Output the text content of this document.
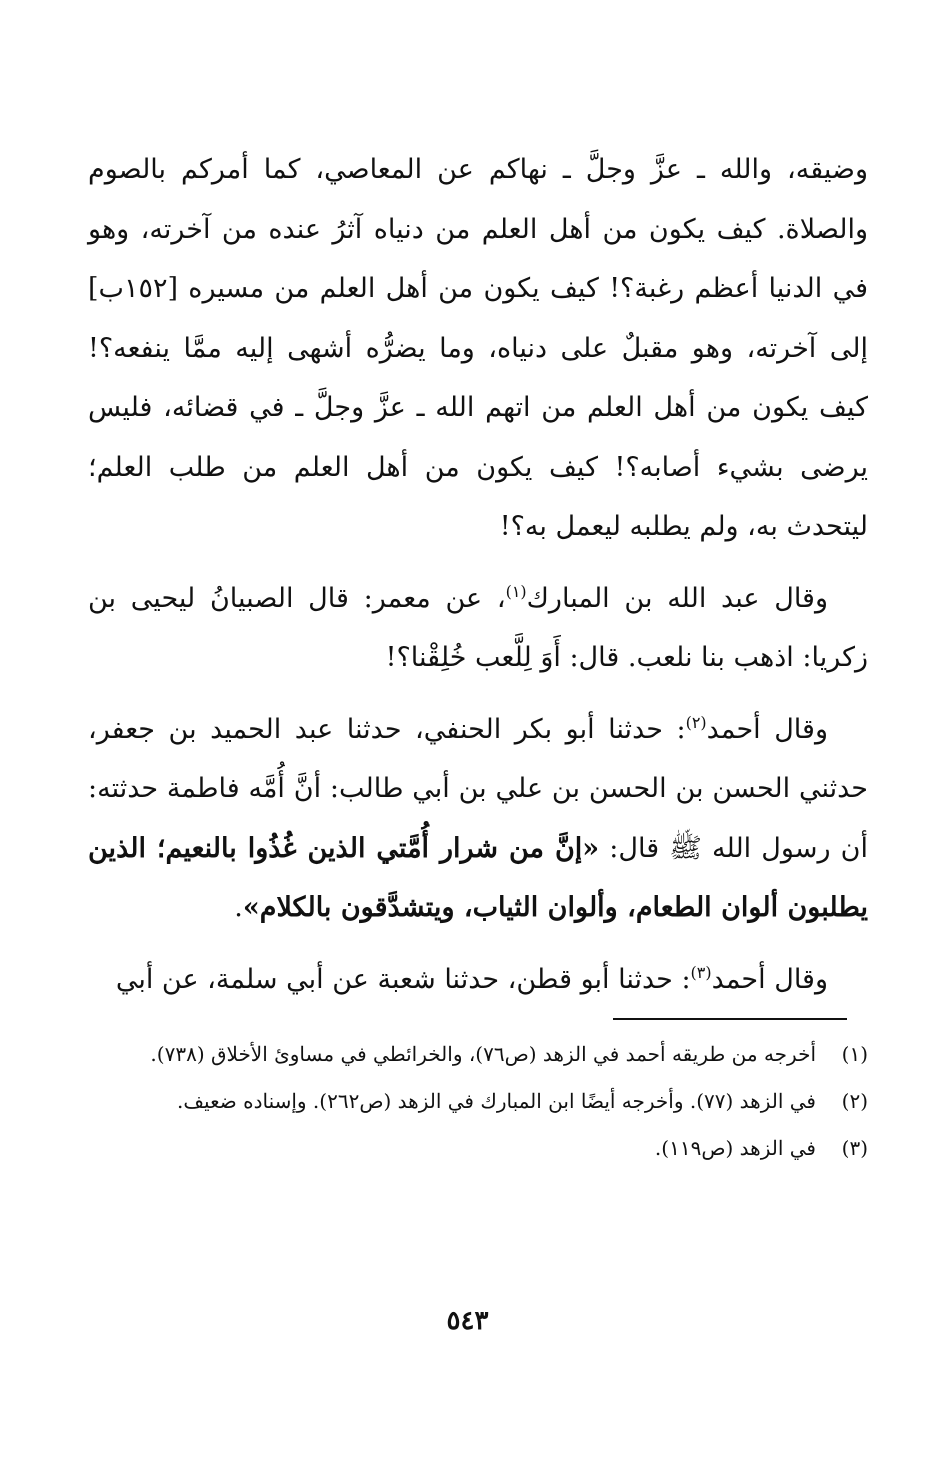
وضيقه، والله ـ عزَّ وجلَّ ـ نهاكم عن المعاصي، كما أمركم بالصوم والصلاة. كيف يكون من أهل العلم من دنياه آثرُ عنده من آخرته، وهو في الدنيا أعظم رغبة؟! كيف يكون من أهل العلم من مسيره [١٥٢ب] إلى آخرته، وهو مقبلٌ على دنياه، وما يضرُّه أشهى إليه ممَّا ينفعه؟! كيف يكون من أهل العلم من اتهم الله ـ عزَّ وجلَّ ـ في قضائه، فليس يرضى بشيء أصابه؟! كيف يكون من أهل العلم من طلب العلم؛ ليتحدث به، ولم يطلبه ليعمل به؟!

وقال عبد الله بن المبارك$^{(١)}$، عن معمر: قال الصبيانُ ليحيى بن زكريا: اذهب بنا نلعب. قال: أَوَ لِلَّعب خُلِقْنا؟!

وقال أحمد$^{(٢)}$: حدثنا أبو بكر الحنفي، حدثنا عبد الحميد بن جعفر، حدثني الحسن بن الحسن بن علي بن أبي طالب: أنَّ أُمَّه فاطمة حدثته: أن رسول الله ﷺ قال: «إنَّ من شرار أُمَّتي الذين غُذُوا بالنعيم؛ الذين يطلبون ألوان الطعام، وألوان الثياب، ويتشدَّقون بالكلام».

وقال أحمد$^{(٣)}$: حدثنا أبو قطن، حدثنا شعبة عن أبي سلمة، عن أبي

(١)
أخرجه من طريقه أحمد في الزهد (ص٧٦)، والخرائطي في مساوئ الأخلاق (٧٣٨).

(٢)
في الزهد (٧٧). وأخرجه أيضًا ابن المبارك في الزهد (ص٢٦٢). وإسناده ضعيف.

(٣)
في الزهد (ص١١٩).

٥٤٣
